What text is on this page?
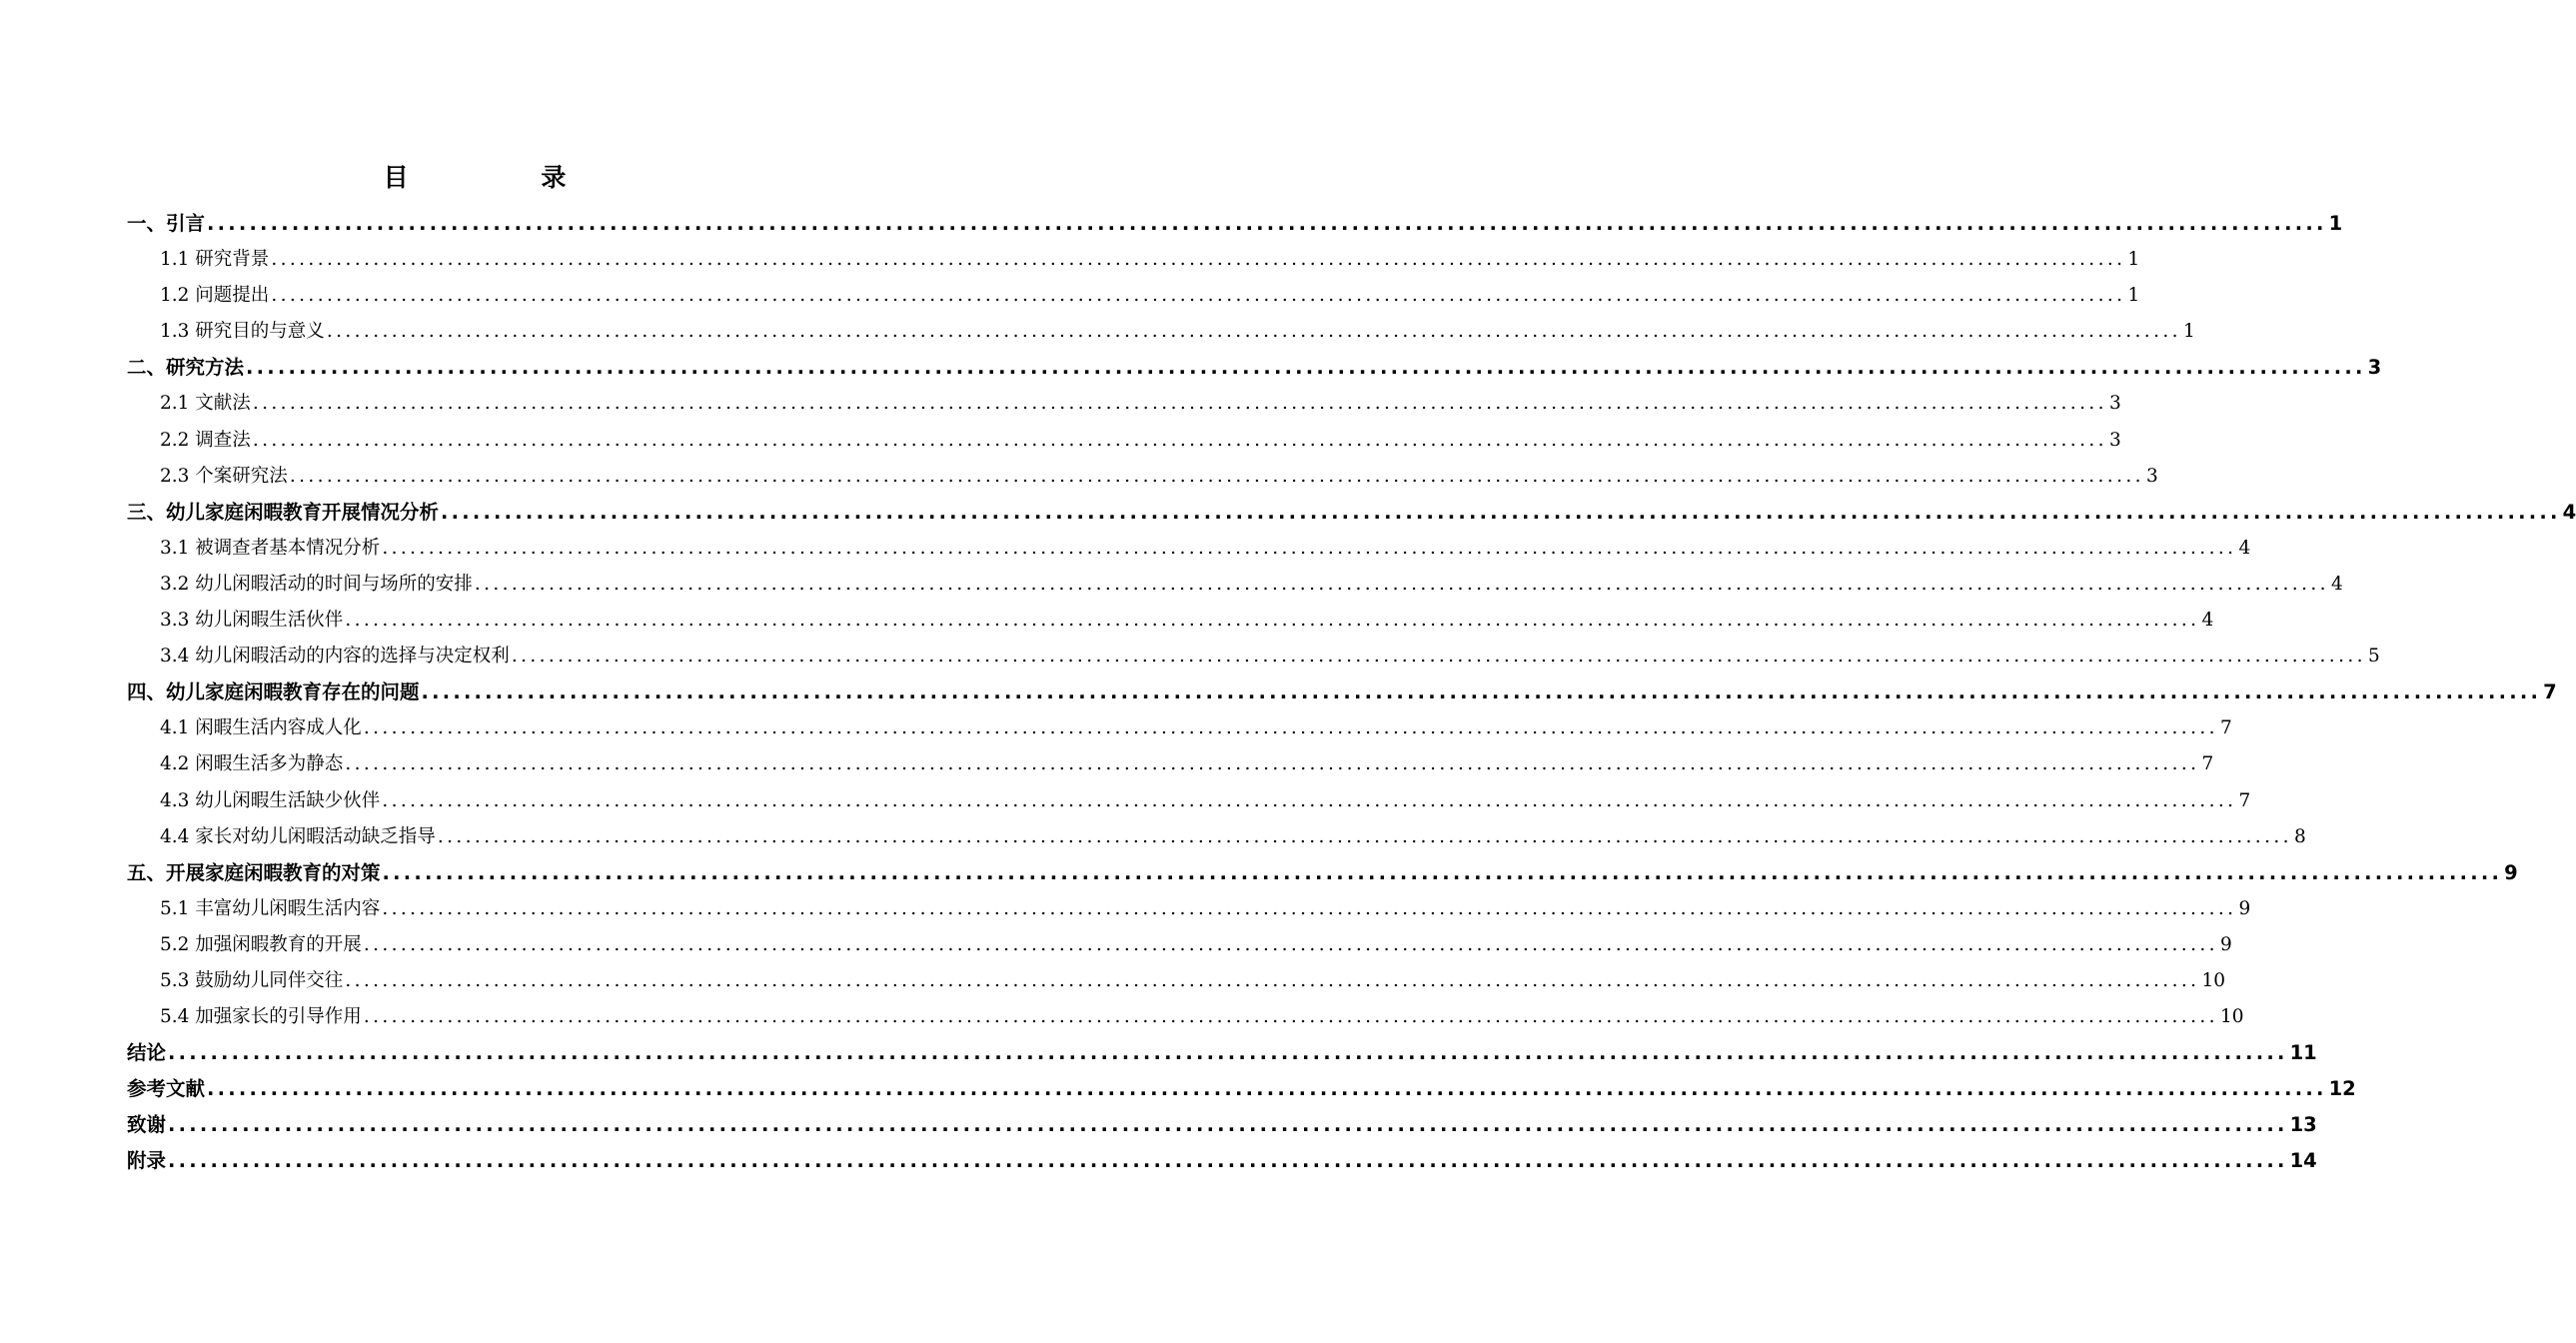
目 录
一、引言 ........................................................................................................................................................................................................ 1
1.1 研究背景 ........................................................................................................................................................................................................ 1
1.2 问题提出 ........................................................................................................................................................................................................ 1
1.3 研究目的与意义 ........................................................................................................................................................................................................ 1
二、研究方法 ........................................................................................................................................................................................................ 3
2.1 文献法 ........................................................................................................................................................................................................ 3
2.2 调查法 ........................................................................................................................................................................................................ 3
2.3 个案研究法 ........................................................................................................................................................................................................ 3
三、幼儿家庭闲暇教育开展情况分析 ........................................................................................................................................................................................................ 4
3.1 被调查者基本情况分析 ........................................................................................................................................................................................................ 4
3.2 幼儿闲暇活动的时间与场所的安排 ........................................................................................................................................................................................................ 4
3.3 幼儿闲暇生活伙伴 ........................................................................................................................................................................................................ 4
3.4 幼儿闲暇活动的内容的选择与决定权利 ........................................................................................................................................................................................................ 5
四、幼儿家庭闲暇教育存在的问题 ........................................................................................................................................................................................................ 7
4.1 闲暇生活内容成人化 ........................................................................................................................................................................................................ 7
4.2 闲暇生活多为静态 ........................................................................................................................................................................................................ 7
4.3 幼儿闲暇生活缺少伙伴 ........................................................................................................................................................................................................ 7
4.4 家长对幼儿闲暇活动缺乏指导 ........................................................................................................................................................................................................ 8
五、开展家庭闲暇教育的对策 ........................................................................................................................................................................................................ 9
5.1 丰富幼儿闲暇生活内容 ........................................................................................................................................................................................................ 9
5.2 加强闲暇教育的开展 ........................................................................................................................................................................................................ 9
5.3 鼓励幼儿同伴交往 ........................................................................................................................................................................................................ 10
5.4 加强家长的引导作用 ........................................................................................................................................................................................................ 10
结论 ........................................................................................................................................................................................................ 11
参考文献 ........................................................................................................................................................................................................ 12
致谢 ........................................................................................................................................................................................................ 13
附录 ........................................................................................................................................................................................................ 14
